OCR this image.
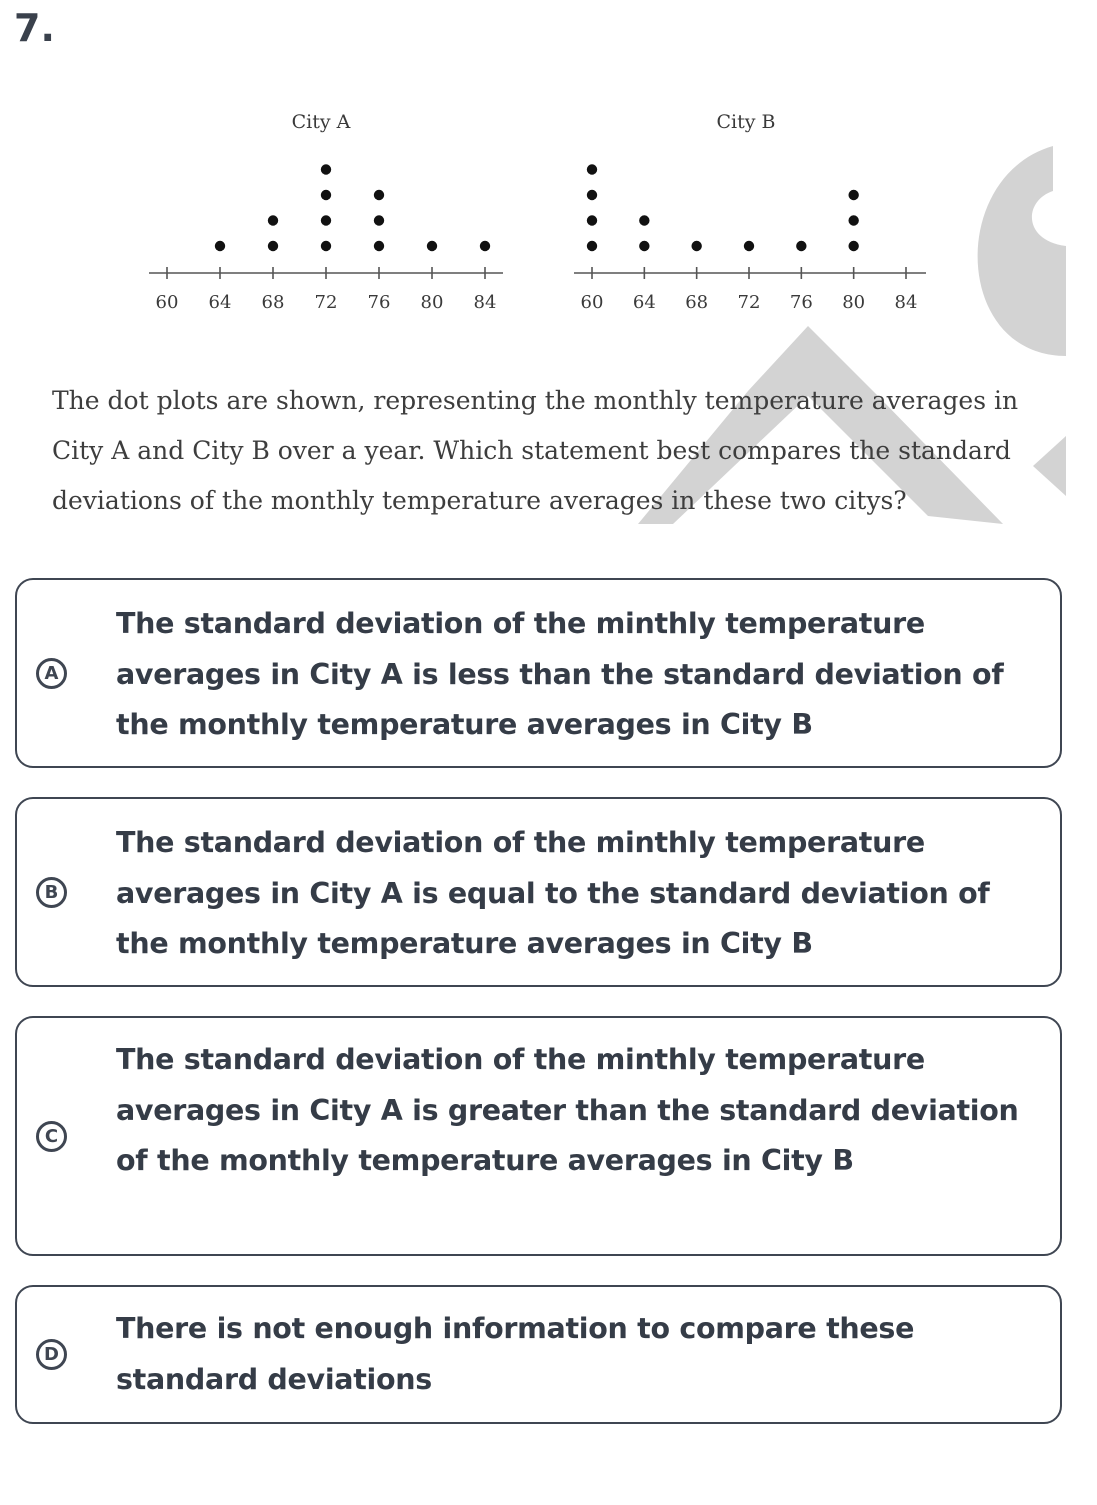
7.
City A
60 64 68 72 76 80 84
City B
60 64 68 72 76 80 84
The dot plots are shown, representing the monthly temperature averages in City A and City B over a year. Which statement best compares the standard deviations of the monthly temperature averages in these two citys?
A
The standard deviation of the minthly temperature averages in City A is less than the standard deviation of the monthly temperature averages in City B
B
The standard deviation of the minthly temperature averages in City A is equal to the standard deviation of the monthly temperature averages in City B
C
The standard deviation of the minthly temperature averages in City A is greater than the standard deviation of the monthly temperature averages in City B
D
There is not enough information to compare these standard deviations
